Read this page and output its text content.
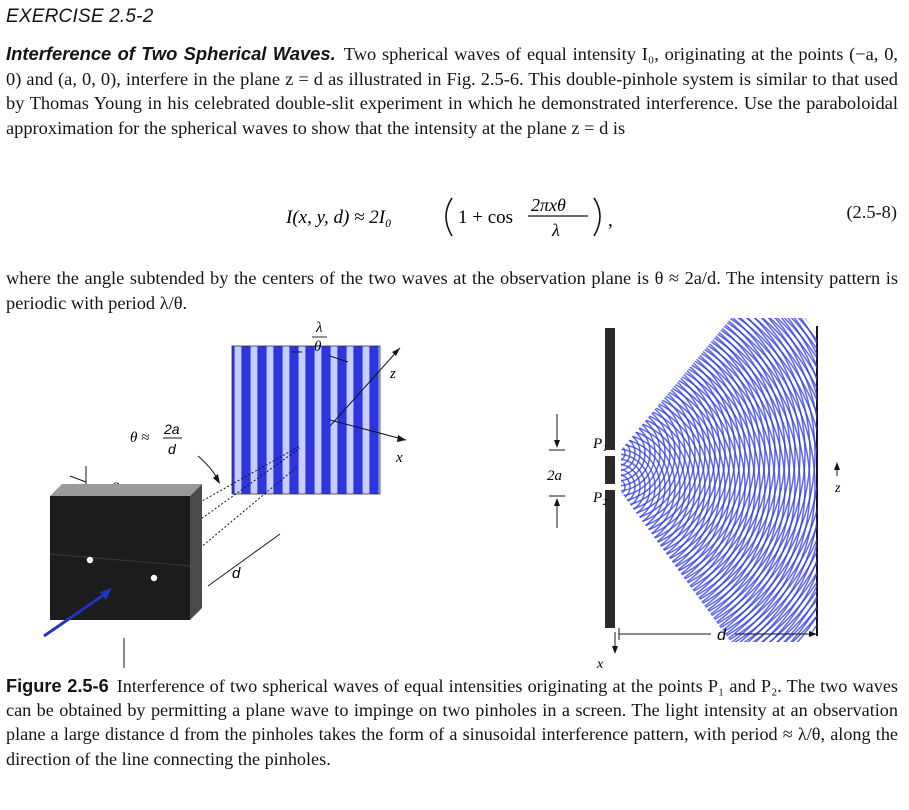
EXERCISE 2.5-2
Interference of Two Spherical Waves. Two spherical waves of equal intensity I₀, originating at the points (−a, 0, 0) and (a, 0, 0), interfere in the plane z = d as illustrated in Fig. 2.5-6. This double-pinhole system is similar to that used by Thomas Young in his celebrated double-slit experiment in which he demonstrated interference. Use the paraboloidal approximation for the spherical waves to show that the intensity at the plane z = d is
I(x, y, d) ≈ 2I₀	1 + cos
2πxθ
λ	,	(2.5-8)
where the angle subtended by the centers of the two waves at the observation plane is θ ≈ 2a/d. The intensity pattern is periodic with period λ/θ.
λ
θ
z
x
θ ≈
2a
d
d
P₁
P₂
2a
z
d
x
Figure 2.5-6 Interference of two spherical waves of equal intensities originating at the points P₁ and P₂. The two waves can be obtained by permitting a plane wave to impinge on two pinholes in a screen. The light intensity at an observation plane a large distance d from the pinholes takes the form of a sinusoidal interference pattern, with period ≈ λ/θ, along the direction of the line connecting the pinholes.
